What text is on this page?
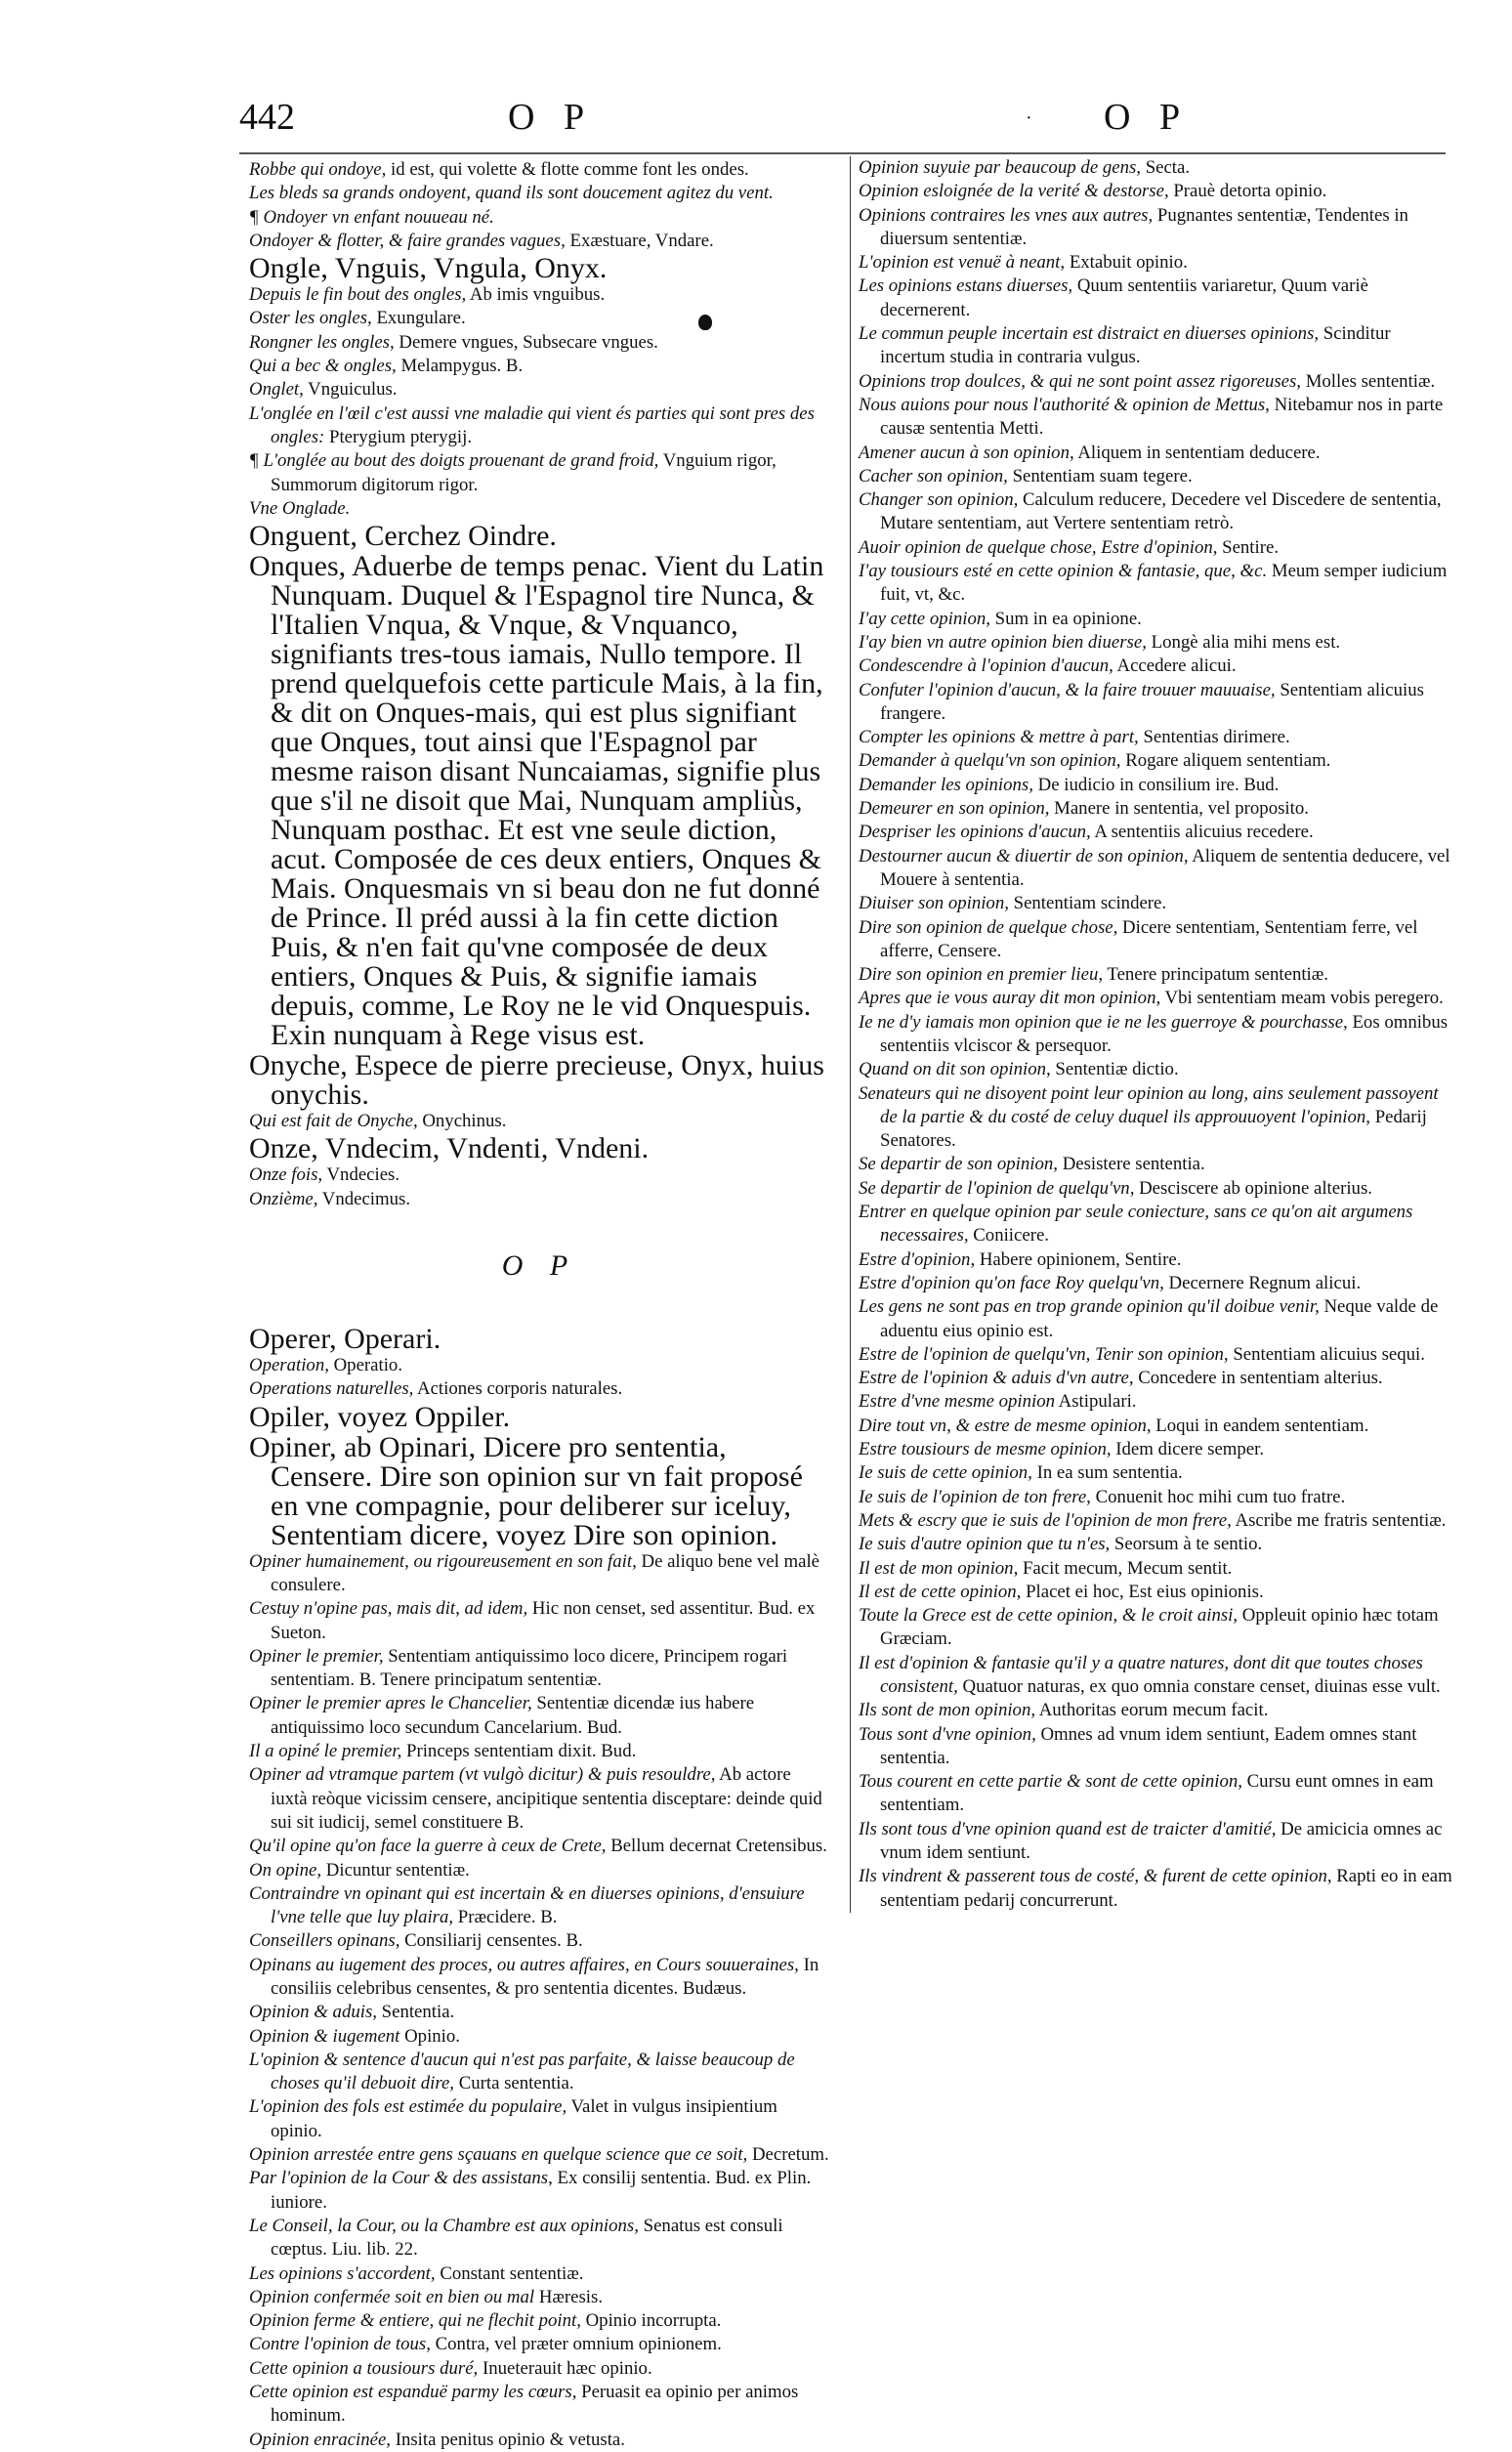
442	O P	· O P

Robbe qui ondoye, id est, qui volette & flotte comme font les ondes.

Les bleds sa grands ondoyent, quand ils sont doucement agitez du vent.

¶ Ondoyer vn enfant nouueau né.

Ondoyer & flotter, & faire grandes vagues, Exæstuare, Vndare.

Ongle, Vnguis, Vngula, Onyx.

Depuis le fin bout des ongles, Ab imis vnguibus.

Oster les ongles, Exungulare.

Rongner les ongles, Demere vngues, Subsecare vngues.

Qui a bec & ongles, Melampygus. B.

Onglet, Vnguiculus.

L'onglée en l'œil c'est aussi vne maladie qui vient és parties qui sont pres des ongles: Pterygium pterygij.

¶ L'onglée au bout des doigts prouenant de grand froid, Vnguium rigor, Summorum digitorum rigor.

Vne Onglade.

Onguent, Cerchez Oindre.

Onques, Aduerbe de temps penac. Vient du Latin Nunquam. Duquel & l'Espagnol tire Nunca, & l'Italien Vnqua, & Vnque, & Vnquanco, signifiants tres-tous iamais, Nullo tempore. Il prend quelquefois cette particule Mais, à la fin, & dit on Onques-mais, qui est plus signifiant que Onques, tout ainsi que l'Espagnol par mesme raison disant Nuncaiamas, signifie plus que s'il ne disoit que Mai, Nunquam ampliùs, Nunquam posthac. Et est vne seule diction, acut. Composée de ces deux entiers, Onques & Mais. Onquesmais vn si beau don ne fut donné de Prince. Il préd aussi à la fin cette diction Puis, & n'en fait qu'vne composée de deux entiers, Onques & Puis, & signifie iamais depuis, comme, Le Roy ne le vid Onquespuis. Exin nunquam à Rege visus est.

Onyche, Espece de pierre precieuse, Onyx, huius onychis.

Qui est fait de Onyche, Onychinus.

Onze, Vndecim, Vndenti, Vndeni.

Onze fois, Vndecies.

Onzième, Vndecimus.

O P

Operer, Operari.

Operation, Operatio.

Operations naturelles, Actiones corporis naturales.

Opiler, voyez Oppiler.

Opiner, ab Opinari, Dicere pro sententia, Censere. Dire son opinion sur vn fait proposé en vne compagnie, pour deliberer sur iceluy, Sententiam dicere, voyez Dire son opinion.

Opiner humainement, ou rigoureusement en son fait, De aliquo bene vel malè consulere.

Cestuy n'opine pas, mais dit, ad idem, Hic non censet, sed assentitur. Bud. ex Sueton.

Opiner le premier, Sententiam antiquissimo loco dicere, Principem rogari sententiam. B. Tenere principatum sententiæ.

Opiner le premier apres le Chancelier, Sententiæ dicendæ ius habere antiquissimo loco secundum Cancelarium. Bud.

Il a opiné le premier, Princeps sententiam dixit. Bud.

Opiner ad vtramque partem (vt vulgò dicitur) & puis resouldre, Ab actore iuxtà reòque vicissim censere, ancipitique sententia disceptare: deinde quid sui sit iudicij, semel constituere B.

Qu'il opine qu'on face la guerre à ceux de Crete, Bellum decernat Cretensibus.

On opine, Dicuntur sententiæ.

Contraindre vn opinant qui est incertain & en diuerses opinions, d'ensuiure l'vne telle que luy plaira, Præcidere. B.

Conseillers opinans, Consiliarij censentes. B.

Opinans au iugement des proces, ou autres affaires, en Cours souueraines, In consiliis celebribus censentes, & pro sententia dicentes. Budæus.

Opinion & aduis, Sententia.

Opinion & iugement Opinio.

L'opinion & sentence d'aucun qui n'est pas parfaite, & laisse beaucoup de choses qu'il debuoit dire, Curta sententia.

L'opinion des fols est estimée du populaire, Valet in vulgus insipientium opinio.

Opinion arrestée entre gens sçauans en quelque science que ce soit, Decretum.

Par l'opinion de la Cour & des assistans, Ex consilij sententia. Bud. ex Plin. iuniore.

Le Conseil, la Cour, ou la Chambre est aux opinions, Senatus est consuli cœptus. Liu. lib. 22.

Les opinions s'accordent, Constant sententiæ.

Opinion confermée soit en bien ou mal Hæresis.

Opinion ferme & entiere, qui ne flechit point, Opinio incorrupta.

Contre l'opinion de tous, Contra, vel præter omnium opinionem.

Cette opinion a tousiours duré, Inueterauit hæc opinio.

Cette opinion est espanduë parmy les cœurs, Peruasit ea opinio per animos hominum.

Opinion enracinée, Insita penitus opinio & vetusta.

Opinion suyuie par beaucoup de gens, Secta.

Opinion esloignée de la verité & destorse, Prauè detorta opinio.

Opinions contraires les vnes aux autres, Pugnantes sententiæ, Tendentes in diuersum sententiæ.

L'opinion est venuë à neant, Extabuit opinio.

Les opinions estans diuerses, Quum sententiis variaretur, Quum variè decernerent.

Le commun peuple incertain est distraict en diuerses opinions, Scinditur incertum studia in contraria vulgus.

Opinions trop doulces, & qui ne sont point assez rigoreuses, Molles sententiæ.

Nous auions pour nous l'authorité & opinion de Mettus, Nitebamur nos in parte causæ sententia Metti.

Amener aucun à son opinion, Aliquem in sententiam deducere.

Cacher son opinion, Sententiam suam tegere.

Changer son opinion, Calculum reducere, Decedere vel Discedere de sententia, Mutare sententiam, aut Vertere sententiam retrò.

Auoir opinion de quelque chose, Estre d'opinion, Sentire.

I'ay tousiours esté en cette opinion & fantasie, que, &c. Meum semper iudicium fuit, vt, &c.

I'ay cette opinion, Sum in ea opinione.

I'ay bien vn autre opinion bien diuerse, Longè alia mihi mens est.

Condescendre à l'opinion d'aucun, Accedere alicui.

Confuter l'opinion d'aucun, & la faire trouuer mauuaise, Sententiam alicuius frangere.

Compter les opinions & mettre à part, Sententias dirimere.

Demander à quelqu'vn son opinion, Rogare aliquem sententiam.

Demander les opinions, De iudicio in consilium ire. Bud.

Demeurer en son opinion, Manere in sententia, vel proposito.

Despriser les opinions d'aucun, A sententiis alicuius recedere.

Destourner aucun & diuertir de son opinion, Aliquem de sententia deducere, vel Mouere à sententia.

Diuiser son opinion, Sententiam scindere.

Dire son opinion de quelque chose, Dicere sententiam, Sententiam ferre, vel afferre, Censere.

Dire son opinion en premier lieu, Tenere principatum sententiæ.

Apres que ie vous auray dit mon opinion, Vbi sententiam meam vobis peregero.

Ie ne d'y iamais mon opinion que ie ne les guerroye & pourchasse, Eos omnibus sententiis vlciscor & persequor.

Quand on dit son opinion, Sententiæ dictio.

Senateurs qui ne disoyent point leur opinion au long, ains seulement passoyent de la partie & du costé de celuy duquel ils approuuoyent l'opinion, Pedarij Senatores.

Se departir de son opinion, Desistere sententia.

Se departir de l'opinion de quelqu'vn, Desciscere ab opinione alterius.

Entrer en quelque opinion par seule coniecture, sans ce qu'on ait argumens necessaires, Coniicere.

Estre d'opinion, Habere opinionem, Sentire.

Estre d'opinion qu'on face Roy quelqu'vn, Decernere Regnum alicui.

Les gens ne sont pas en trop grande opinion qu'il doibue venir, Neque valde de aduentu eius opinio est.

Estre de l'opinion de quelqu'vn, Tenir son opinion, Sententiam alicuius sequi.

Estre de l'opinion & aduis d'vn autre, Concedere in sententiam alterius.

Estre d'vne mesme opinion Astipulari.

Dire tout vn, & estre de mesme opinion, Loqui in eandem sententiam.

Estre tousiours de mesme opinion, Idem dicere semper.

Ie suis de cette opinion, In ea sum sententia.

Ie suis de l'opinion de ton frere, Conuenit hoc mihi cum tuo fratre.

Mets & escry que ie suis de l'opinion de mon frere, Ascribe me fratris sententiæ.

Ie suis d'autre opinion que tu n'es, Seorsum à te sentio.

Il est de mon opinion, Facit mecum, Mecum sentit.

Il est de cette opinion, Placet ei hoc, Est eius opinionis.

Toute la Grece est de cette opinion, & le croit ainsi, Oppleuit opinio hæc totam Græciam.

Il est d'opinion & fantasie qu'il y a quatre natures, dont dit que toutes choses consistent, Quatuor naturas, ex quo omnia constare censet, diuinas esse vult.

Ils sont de mon opinion, Authoritas eorum mecum facit.

Tous sont d'vne opinion, Omnes ad vnum idem sentiunt, Eadem omnes stant sententia.

Tous courent en cette partie & sont de cette opinion, Cursu eunt omnes in eam sententiam.

Ils sont tous d'vne opinion quand est de traicter d'amitié, De amicicia omnes ac vnum idem sentiunt.

Ils vindrent & passerent tous de costé, & furent de cette opinion, Rapti eo in eam sententiam pedarij concurrerunt.
